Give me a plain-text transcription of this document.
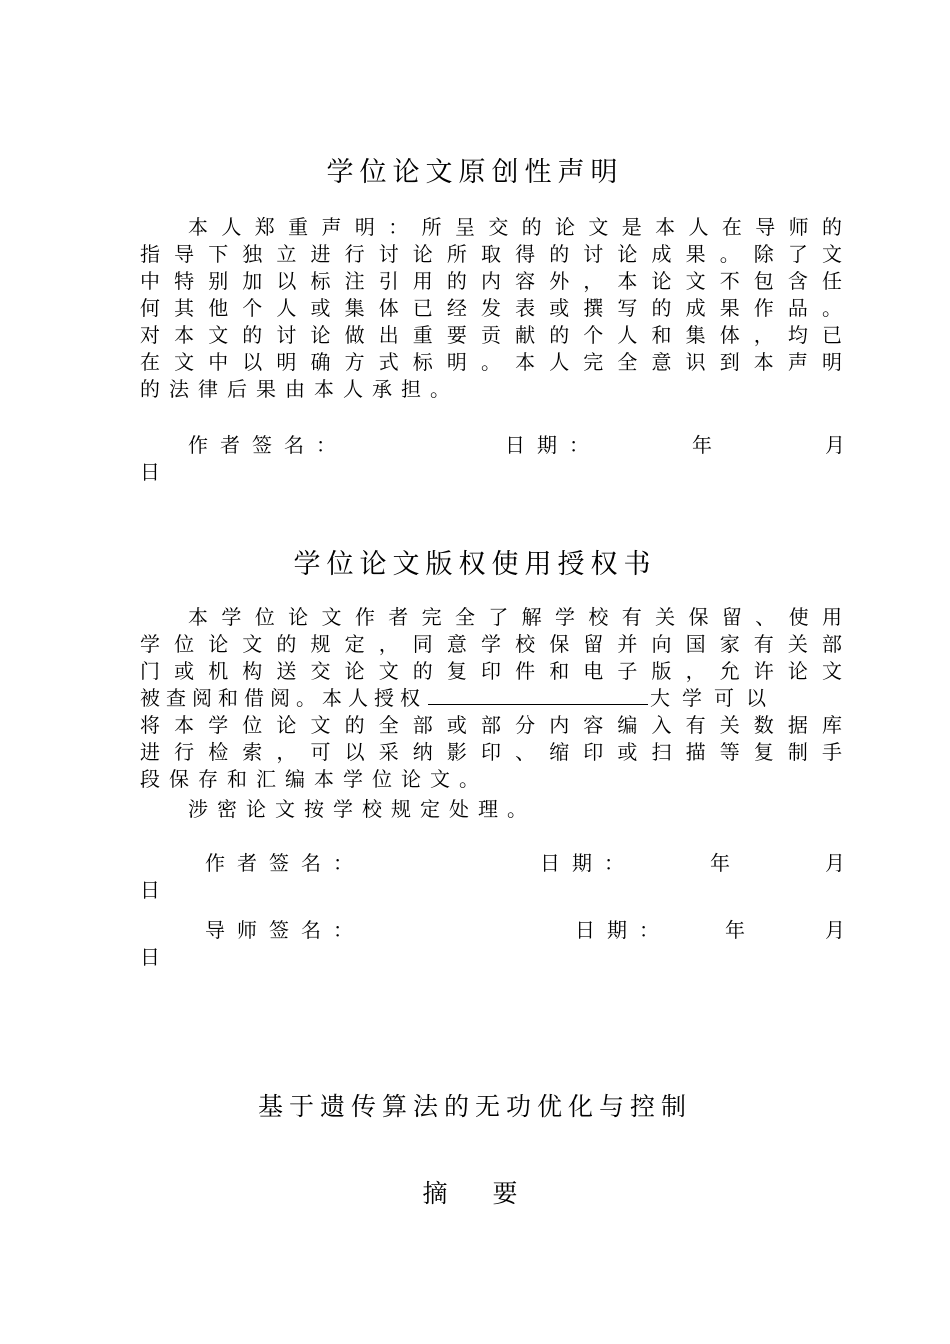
学位论文原创性声明

本人郑重声明：所呈交的论文是本人在导师的

指导下独立进行讨论所取得的讨论成果。除了文

中特别加以标注引用的内容外，本论文不包含任

何其他个人或集体已经发表或撰写的成果作品。

对本文的讨论做出重要贡献的个人和集体，均已

在文中以明确方式标明。本人完全意识到本声明

的法律后果由本人承担。

作者签名：	日期：	年	月
日
学位论文版权使用授权书

本学位论文作者完全了解学校有关保留、使用

学位论文的规定，同意学校保留并向国家有关部

门或机构送交论文的复印件和电子版，允许论文

被查阅和借阅。本人授权	大学可以

将本学位论文的全部或部分内容编入有关数据库

进行检索，可以采纳影印、缩印或扫描等复制手

段保存和汇编本学位论文。

涉密论文按学校规定处理。

作者签名：	日期：	年	月
日
导师签名：	日期：	年	月
日
基于遗传算法的无功优化与控制
摘　要
